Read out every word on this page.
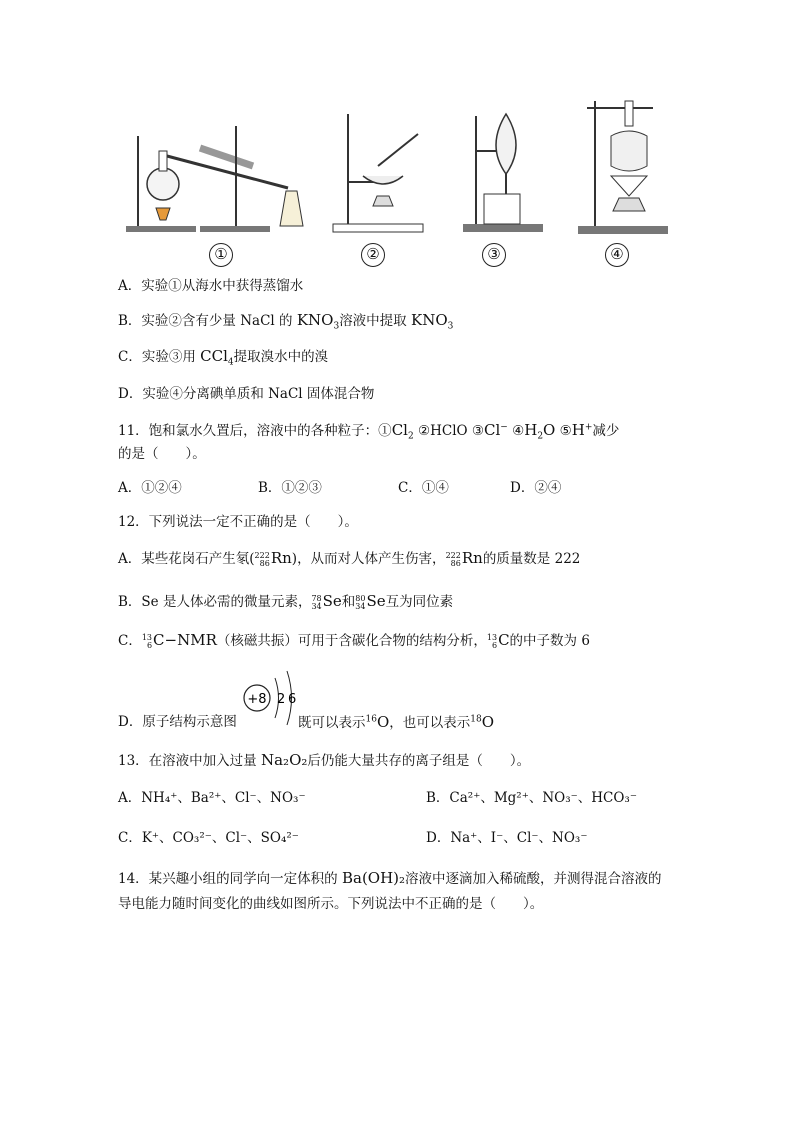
①	②	③	④
A．实验①从海水中获得蒸馏水
B．实验②含有少量 NaCl 的 $KNO_3$溶液中提取 $KNO_3$
C．实验③用 CCl$_4$提取溴水中的溴
D．实验④分离碘单质和 NaCl 固体混合物
11．饱和氯水久置后，溶液中的各种粒子：$①Cl_2$ ②HClO ③Cl− $④H_2O$ ⑤H+减少
的是（　　）。
A．①②④	B．①②③	C．①④	D．②④
12．下列说法一定不正确的是（　　）。
A．某些花岗石产生氡( 222
86 Rn)，从而对人体产生伤害， 222
86 Rn的质量数是 222
B．Se 是人体必需的微量元素， 78
34 Se和 80
34 Se互为同位素
C． 13
6 C−NMR（核磁共振）可用于含碳化合物的结构分析， 13
6 C的中子数为 6
+8 2 6
D．原子结构示意图	既可以表示$^{16}$O，也可以表示$^{18}$O
13．在溶液中加入过量 Na₂O₂后仍能大量共存的离子组是（　　）。
A．NH₄⁺、Ba²⁺、Cl⁻、NO₃⁻	B．Ca²⁺、Mg²⁺、NO₃⁻、HCO₃⁻
C．K⁺、CO₃²⁻、Cl⁻、SO₄²⁻	D．Na⁺、I⁻、Cl⁻、NO₃⁻
14．某兴趣小组的同学向一定体积的 Ba(OH)₂溶液中逐滴加入稀硫酸，并测得混合溶液的
导电能力随时间变化的曲线如图所示。下列说法中不正确的是（　　）。
